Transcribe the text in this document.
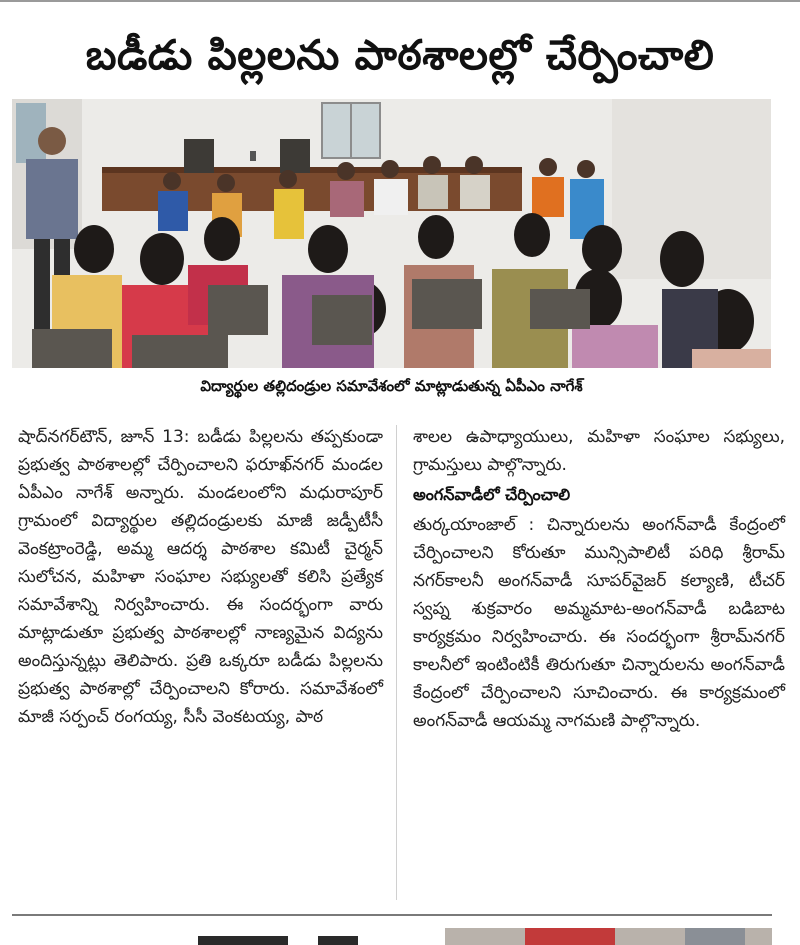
బడీడు పిల్లలను పాఠశాలల్లో చేర్పించాలి
విద్యార్థుల తల్లిదండ్రుల సమావేశంలో మాట్లాడుతున్న ఏపీఎం నాగేశ్

షాద్‌నగర్‌టౌన్, జూన్ 13: బడీడు పిల్లలను తప్పకుండా ప్రభుత్వ పాఠశాలల్లో చేర్పించాలని ఫరూఖ్‌నగర్ మండల ఏపీఎం నాగేశ్ అన్నారు. మండలంలోని మధురాపూర్ గ్రామంలో విద్యార్థుల తల్లిదండ్రులకు మాజీ జడ్పీటీసీ వెంకట్రాంరెడ్డి, అమ్మ ఆదర్శ పాఠశాల కమిటీ చైర్మన్ సులోచన, మహిళా సంఘాల సభ్యులతో కలిసి ప్రత్యేక సమావేశాన్ని నిర్వహించారు. ఈ సందర్భంగా వారు మాట్లాడుతూ ప్రభుత్వ పాఠశాలల్లో నాణ్యమైన విద్యను అందిస్తున్నట్లు తెలిపారు. ప్రతి ఒక్కరూ బడీడు పిల్లలను ప్రభుత్వ పాఠశాల్లో చేర్పించాలని కోరారు. సమావేశంలో మాజీ సర్పంచ్ రంగయ్య, సీసీ వెంకటయ్య, పాఠ

శాలల ఉపాధ్యాయులు, మహిళా సంఘాల సభ్యులు, గ్రామస్తులు పాల్గొన్నారు.

అంగన్‌వాడీలో చేర్పించాలి

తుర్కయాంజాల్ : చిన్నారులను అంగన్‌వాడీ కేంద్రంలో చేర్పించాలని కోరుతూ మున్సిపాలిటీ పరిధి శ్రీరామ్ నగర్‌కాలనీ అంగన్‌వాడీ సూపర్‌వైజర్ కల్యాణి, టీచర్ స్వప్న శుక్రవారం అమ్మమాట-అంగన్‌వాడీ బడిబాట కార్యక్రమం నిర్వహించారు. ఈ సందర్భంగా శ్రీరామ్‌నగర్ కాలనీలో ఇంటింటికీ తిరుగుతూ చిన్నారులను అంగన్‌వాడీ కేంద్రంలో చేర్పించాలని సూచించారు. ఈ కార్యక్రమంలో అంగన్‌వాడీ ఆయమ్మ నాగమణి పాల్గొన్నారు.
